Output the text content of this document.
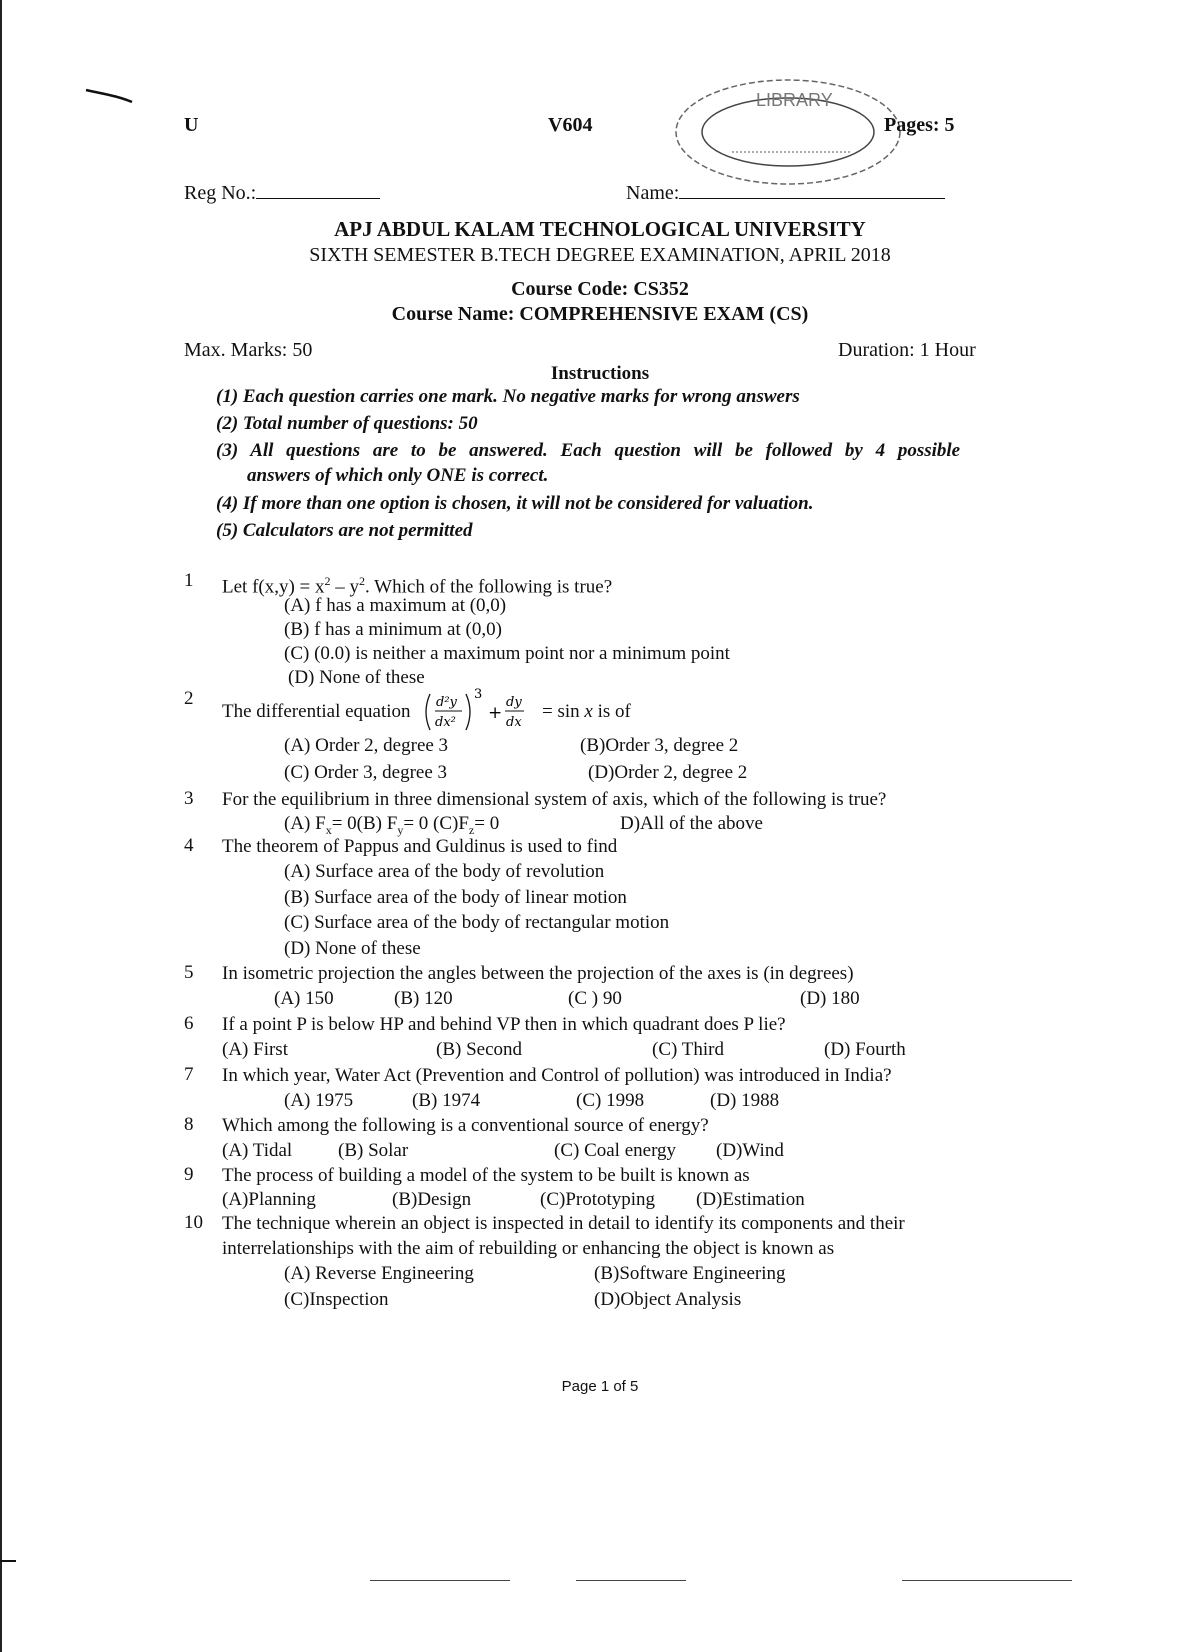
U	V604
LIBRARY
Pages: 5
Reg No.:	Name:
APJ ABDUL KALAM TECHNOLOGICAL UNIVERSITY
SIXTH SEMESTER B.TECH DEGREE EXAMINATION, APRIL 2018
Course Code: CS352
Course Name: COMPREHENSIVE EXAM (CS)
Max. Marks: 50	Duration: 1 Hour
Instructions
(1) Each question carries one mark. No negative marks for wrong answers
(2) Total number of questions: 50
(3) All questions are to be answered. Each question will be followed by 4 possible
answers of which only ONE is correct.
(4) If more than one option is chosen, it will not be considered for valuation.
(5) Calculators are not permitted
1 Let $f(x,y) = x^2 - y^2$. Which of the following is true?
(A) f has a maximum at (0,0)
(B) f has a minimum at (0,0)
(C) (0.0) is neither a maximum point nor a minimum point
(D) None of these
2
The differential equation d²y
dx²
3
+
dy
dx
= sin x is of
(A) Order 2, degree 3	(B)Order 3, degree 2
(C) Order 3, degree 3	(D)Order 2, degree 2
3 For the equilibrium in three dimensional system of axis, which of the following is true?
(A) $F_x= 0(B)$ $F_y= 0$ $(C)F_z= 0$	D)All of the above
4 The theorem of Pappus and Guldinus is used to find
(A) Surface area of the body of revolution
(B) Surface area of the body of linear motion
(C) Surface area of the body of rectangular motion
(D) None of these
5 In isometric projection the angles between the projection of the axes is (in degrees)
(A) 150	(B) 120	(C ) 90	(D) 180
6 If a point P is below HP and behind VP then in which quadrant does P lie?
(A) First	(B) Second	(C) Third	(D) Fourth
7 In which year, Water Act (Prevention and Control of pollution) was introduced in India?
(A) 1975	(B) 1974	(C) 1998	(D) 1988
8 Which among the following is a conventional source of energy?
(A) Tidal (B) Solar	(C) Coal energy (D)Wind
9 The process of building a model of the system to be built is known as
(A)Planning	(B)Design	(C)Prototyping (D)Estimation
10 The technique wherein an object is inspected in detail to identify its components and their
interrelationships with the aim of rebuilding or enhancing the object is known as
(A) Reverse Engineering	(B)Software Engineering
(C)Inspection	(D)Object Analysis
Page 1 of 5
